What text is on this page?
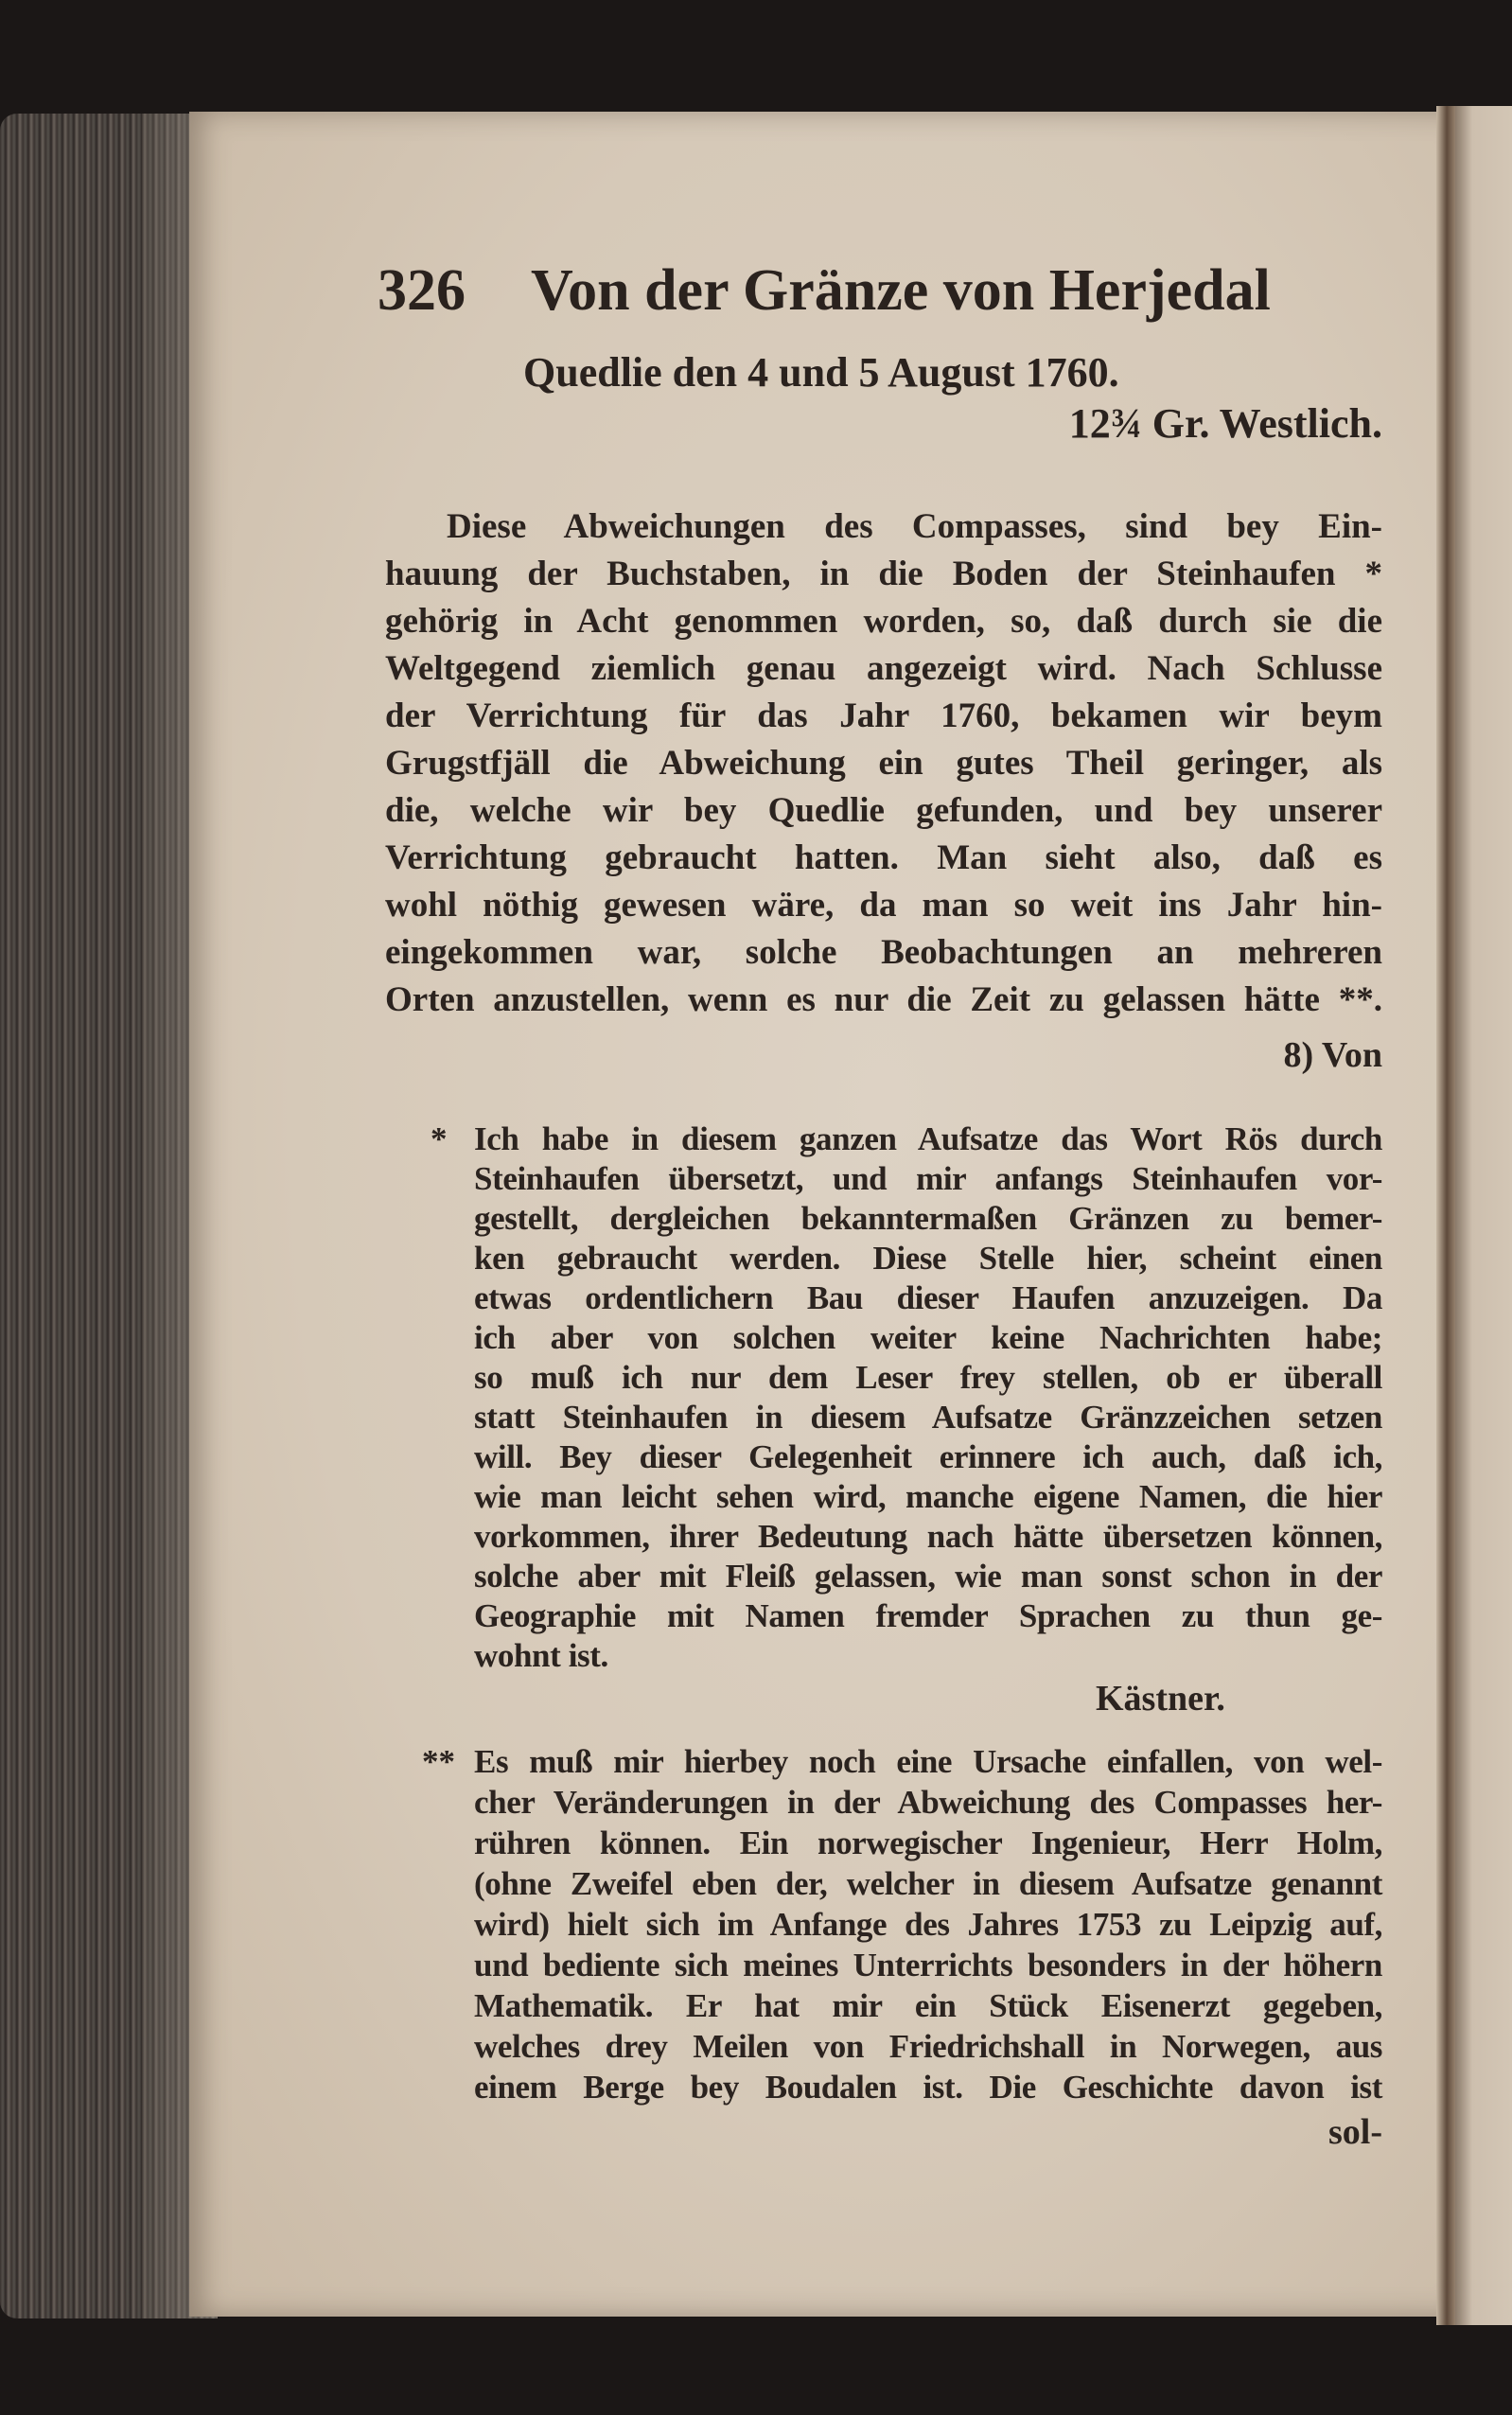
326 Von der Gränze von Herjedal
Quedlie den 4 und 5 August 1760.
12¾ Gr. Westlich.
Diese Abweichungen des Compasses, sind bey Ein-
hauung der Buchstaben, in die Boden der Steinhaufen *
gehörig in Acht genommen worden, so, daß durch sie die
Weltgegend ziemlich genau angezeigt wird. Nach Schlusse
der Verrichtung für das Jahr 1760, bekamen wir beym
Grugstfjäll die Abweichung ein gutes Theil geringer, als
die, welche wir bey Quedlie gefunden, und bey unserer
Verrichtung gebraucht hatten. Man sieht also, daß es
wohl nöthig gewesen wäre, da man so weit ins Jahr hin-
eingekommen war, solche Beobachtungen an mehreren
Orten anzustellen, wenn es nur die Zeit zu gelassen hätte **.
8) Von
* Ich habe in diesem ganzen Aufsatze das Wort Rös durch
Steinhaufen übersetzt, und mir anfangs Steinhaufen vor-
gestellt, dergleichen bekanntermaßen Gränzen zu bemer-
ken gebraucht werden. Diese Stelle hier, scheint einen
etwas ordentlichern Bau dieser Haufen anzuzeigen. Da
ich aber von solchen weiter keine Nachrichten habe;
so muß ich nur dem Leser frey stellen, ob er überall
statt Steinhaufen in diesem Aufsatze Gränzzeichen setzen
will. Bey dieser Gelegenheit erinnere ich auch, daß ich,
wie man leicht sehen wird, manche eigene Namen, die hier
vorkommen, ihrer Bedeutung nach hätte übersetzen können,
solche aber mit Fleiß gelassen, wie man sonst schon in der
Geographie mit Namen fremder Sprachen zu thun ge-
wohnt ist.
Kästner.
** Es muß mir hierbey noch eine Ursache einfallen, von wel-
cher Veränderungen in der Abweichung des Compasses her-
rühren können. Ein norwegischer Ingenieur, Herr Holm,
(ohne Zweifel eben der, welcher in diesem Aufsatze genannt
wird) hielt sich im Anfange des Jahres 1753 zu Leipzig auf,
und bediente sich meines Unterrichts besonders in der höhern
Mathematik. Er hat mir ein Stück Eisenerzt gegeben,
welches drey Meilen von Friedrichshall in Norwegen, aus
einem Berge bey Boudalen ist. Die Geschichte davon ist
sol-
